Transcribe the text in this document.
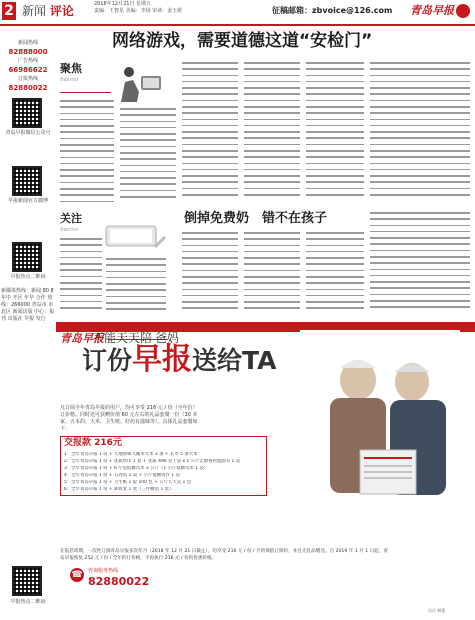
2 新闻 评论	2018年12月21日 星期五
责编：王智星 美编：李扬 审读：姜玉妍	征稿邮箱：zbvoice@126.com 青岛早报
新闻热线
82888000
广告热线
66986622
订报热线
82880022
青岛早报微信公众号
早报新闻官方微博
早报热点二维码
新媒体热线：新闻 80 8年中 开区 年早 合作 热线：266000 青岛市 市北区 新闻出版 中心：报刊 出版社 早报 发行
早报热点二维码
网络游戏，需要道德这道“安检门”
聚焦
Interest
关注
Interest
倒掉免费奶　错不在孩子
青岛早报
不能天天陪 爸妈
订份早报送给TA
凡订阅全年青岛早报的用户，均可享受 216 元 / 份（全年价）订价格。同时还可获赠价值 60 元左右的礼品套餐一份（30 本家、五本的、大米、卫生纸、好药有滋味等）。具体礼品套餐如下：
交报款 216元
1：全年青岛早报 1 份 + 天地原味大碗米大米 3 条 + 长寿 5 条大米
2：全年青岛早报 1 份 + 优质丝巾 1 套 + 优质 490 克 / 袋 x 1 公斤宏源鲁鸡蛋面有 1 袋
3：全年青岛早报 1 份 + 6 斤装低糖贡米 3 公斤（1 公斤低糖贡米 1 袋）
4：全年青岛早报 1 份 + 五谷饭 1 袋 + 公斤低糖饭件 1 袋
5：全年青岛早报 1 份 + 卫生纸 1 提 100 包 + 公斤天天美 1 包
6：全年青岛早报 1 份 + 卸妆套 1 套（三件精装 1 套）
在报恳周期，一次性订阅青岛早报多次年月（2018 年 12 月 21 日截止），均享受 216 元 / 份 / 月的保值订阅价，并且无礼品赠送。自 2019 年 1 月 1 日起，青岛早报恢复 252 元 / 份 / 全年的订价格，不再执行 216 元 / 份的优惠价格。
☎ 咨询服务热线
82880022
设计 韩蕾
